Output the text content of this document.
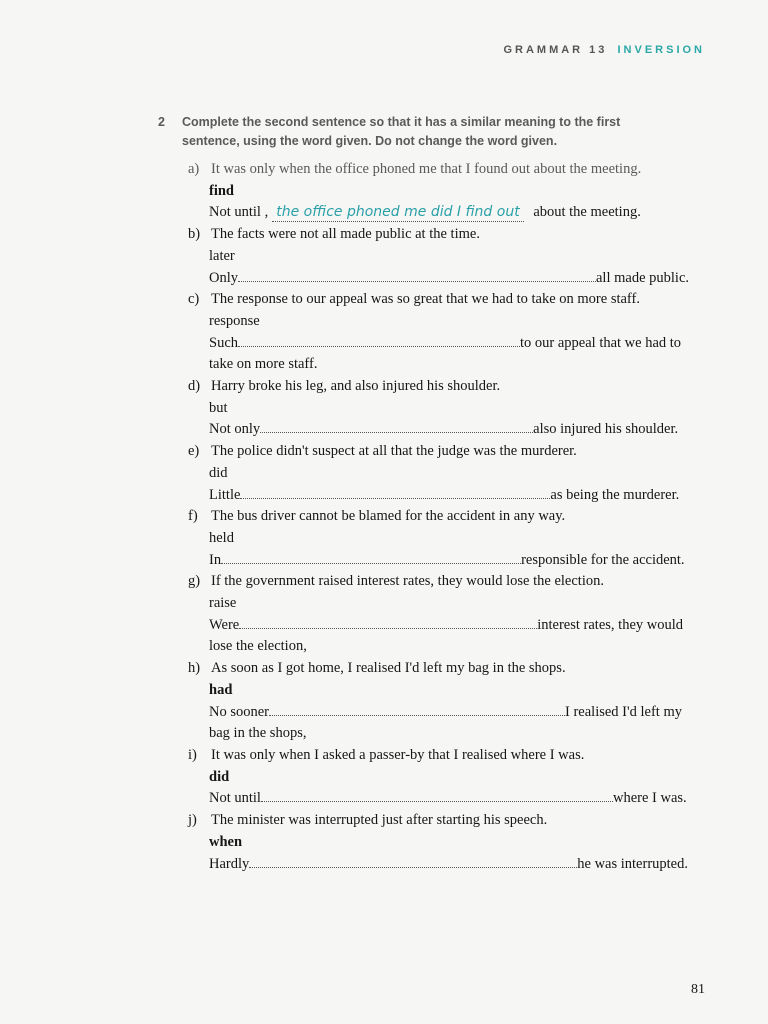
GRAMMAR 13 INVERSION
2 Complete the second sentence so that it has a similar meaning to the first sentence, using the word given. Do not change the word given.
a) It was only when the office phoned me that I found out about the meeting.
find
Not until , the office phoned me did I find out about the meeting.
b) The facts were not all made public at the time.
later
Only	all made public.
c) The response to our appeal was so great that we had to take on more staff.
response
Such	to our appeal that we had to
take on more staff.
d) Harry broke his leg, and also injured his shoulder.
but
Not only	also injured his shoulder.
e) The police didn't suspect at all that the judge was the murderer.
did
Little	as being the murderer.
f) The bus driver cannot be blamed for the accident in any way.
held
In	responsible for the accident.
g) If the government raised interest rates, they would lose the election.
raise
Were	interest rates, they would
lose the election,
h) As soon as I got home, I realised I'd left my bag in the shops.
had
No sooner	I realised I'd left my
bag in the shops,
i) It was only when I asked a passer-by that I realised where I was.
did
Not until	where I was.
j) The minister was interrupted just after starting his speech.
when
Hardly	he was interrupted.
81
